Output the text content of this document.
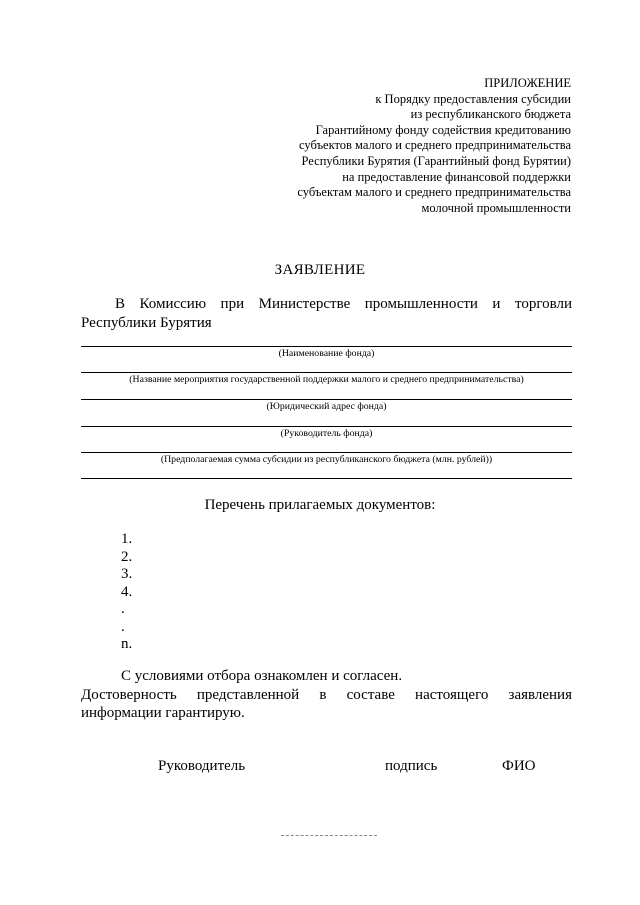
ПРИЛОЖЕНИЕ
к Порядку предоставления субсидии
из республиканского бюджета
Гарантийному фонду содействия кредитованию
субъектов малого и среднего предпринимательства
Республики Бурятия (Гарантийный фонд Бурятии)
на предоставление финансовой поддержки
субъектам малого и среднего предпринимательства
молочной промышленности
ЗАЯВЛЕНИЕ
В Комиссию при Министерстве промышленности и торговли Республики Бурятия
(Наименование фонда)
(Название мероприятия государственной поддержки малого и среднего предпринимательства)
(Юридический адрес фонда)
(Руководитель фонда)
(Предполагаемая сумма субсидии из республиканского бюджета (млн. рублей))
Перечень прилагаемых документов:
1.
2.
3.
4.
.
.
n.
С условиями отбора ознакомлен и согласен.
Достоверность представленной в составе настоящего заявления информации гарантирую.
Руководитель	подпись	ФИО
